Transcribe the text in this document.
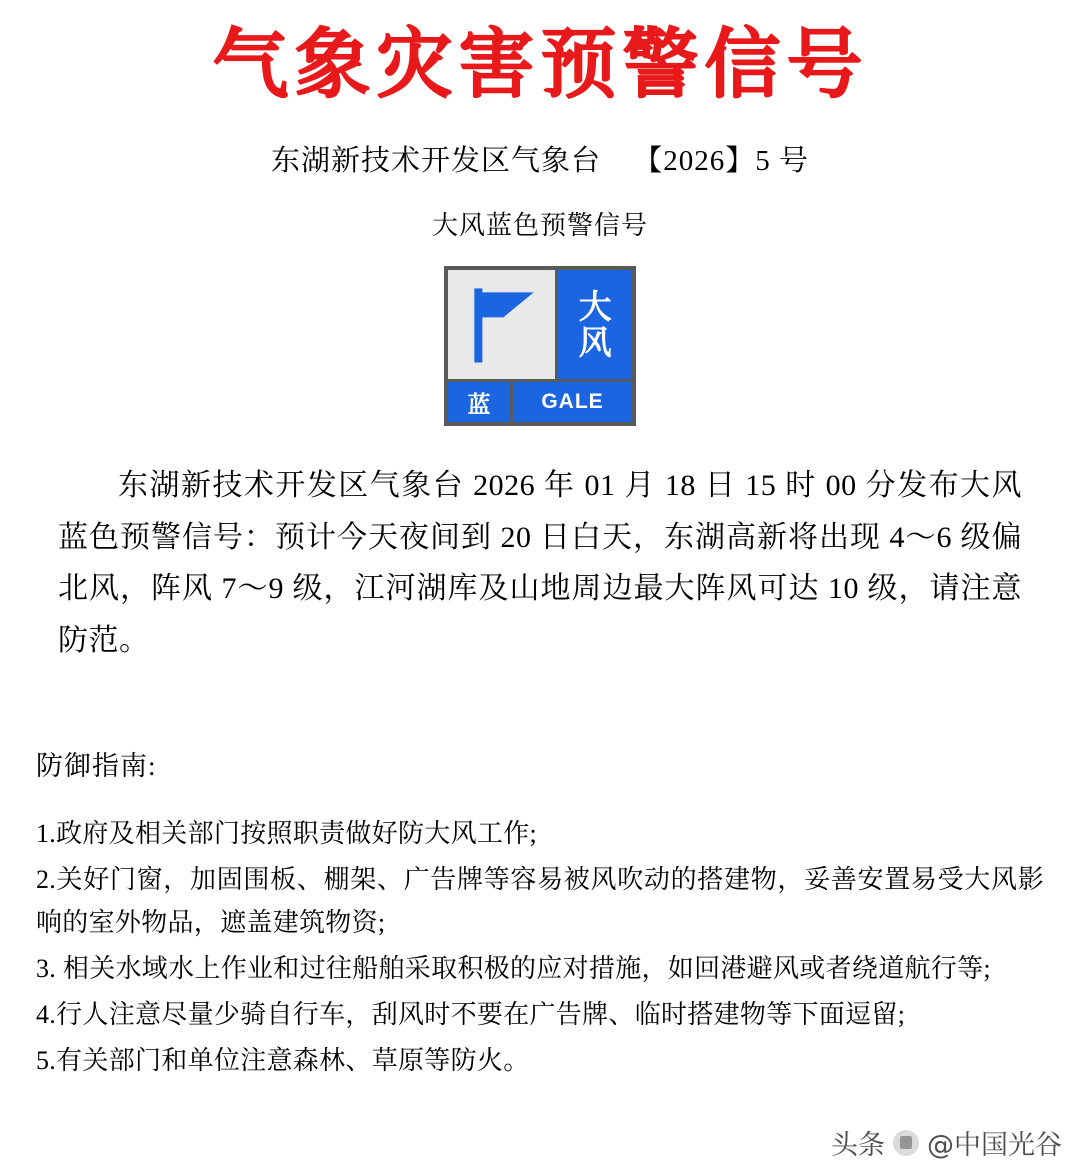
气象灾害预警信号
东湖新技术开发区气象台 【2026】5 号
大风蓝色预警信号
大
风
蓝	GALE
东湖新技术开发区气象台 2026 年 01 月 18 日 15 时 00 分发布大风蓝色预警信号：预计今天夜间到 20 日白天，东湖高新将出现 4～6 级偏北风，阵风 7～9 级，江河湖库及山地周边最大阵风可达 10 级，请注意防范。
防御指南:
1.政府及相关部门按照职责做好防大风工作;
2.关好门窗，加固围板、棚架、广告牌等容易被风吹动的搭建物，妥善安置易受大风影响的室外物品，遮盖建筑物资;
3. 相关水域水上作业和过往船舶采取积极的应对措施，如回港避风或者绕道航行等;
4.行人注意尽量少骑自行车，刮风时不要在广告牌、临时搭建物等下面逗留;
5.有关部门和单位注意森林、草原等防火。
头条 @中国光谷
